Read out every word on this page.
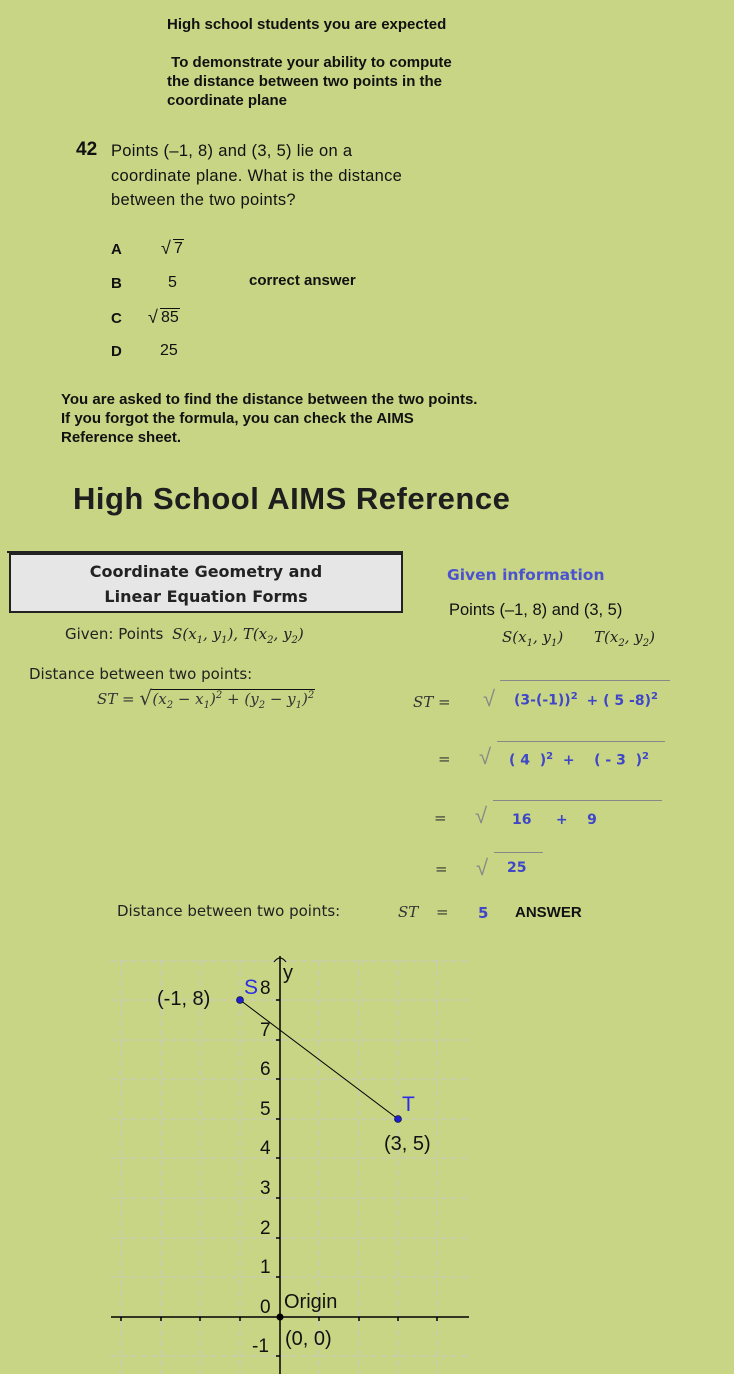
High school students you are expected
To demonstrate your ability to compute
the distance between two points in the
coordinate plane
42 Points (–1, 8) and (3, 5) lie on a
coordinate plane. What is the distance
between the two points?
A √ 7
B	5	correct answer
C √ 85
D 25
You are asked to find the distance between the two points.
If you forgot the formula, you can check the AIMS
Reference sheet.
High School AIMS Reference
Coordinate Geometry and
Linear Equation Forms
Given: Points $S(x_1$, $y_1$), $T(x_2$, $y_2$)
Distance between two points:
ST = √ $(x_2 - x_1)^2 + (y_2 - y_1)^2$
Given information
Points (–1, 8) and (3, 5)
$S(x_1$, $y_1$) $T(x_2$, $y_2$)
ST = √ $(3-(-1))^2$ + ( 5 -8)$^2$
= √ ( 4  )$^2$ + ( - 3  )$^2$
= √ 16 + 9
= √ 25
Distance between two points:	ST = 5 ANSWER
y
8
7
6
5
4
3
2
1
0
-1
S
(-1, 8)
T
(3, 5)
Origin
(0, 0)
